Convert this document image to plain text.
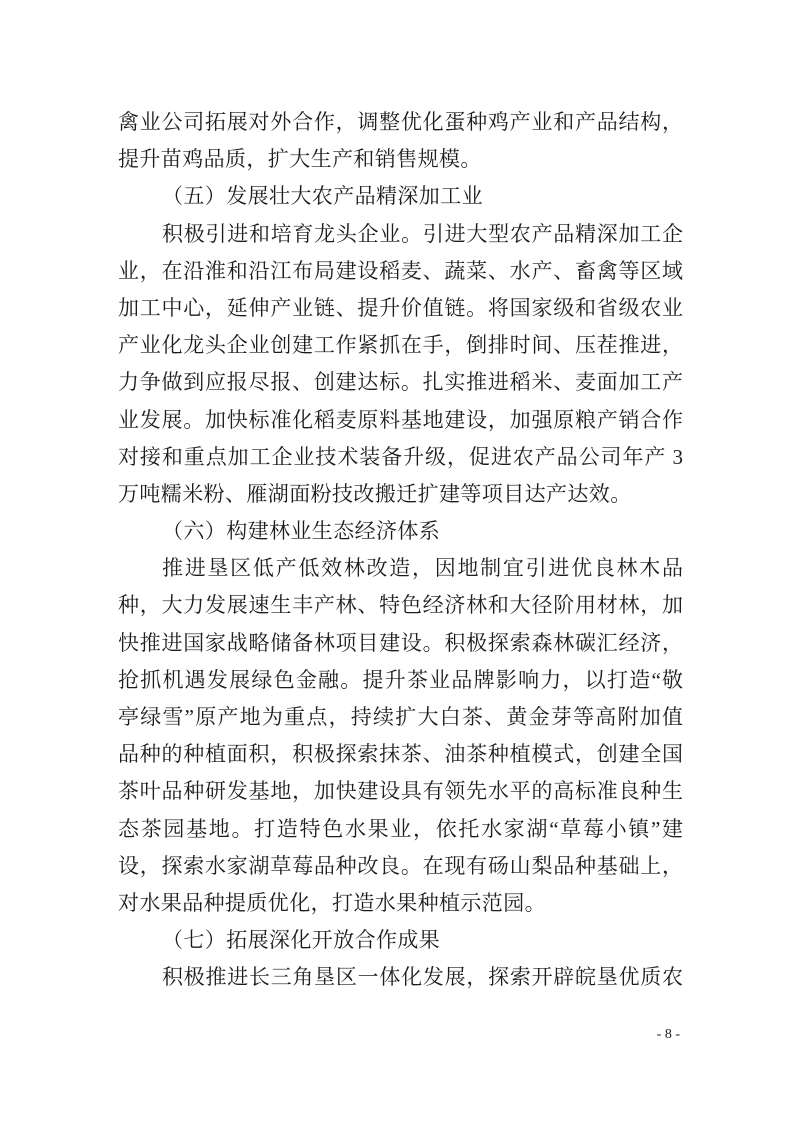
禽业公司拓展对外合作，调整优化蛋种鸡产业和产品结构，
提升苗鸡品质，扩大生产和销售规模。
（五）发展壮大农产品精深加工业
积极引进和培育龙头企业。引进大型农产品精深加工企
业，在沿淮和沿江布局建设稻麦、蔬菜、水产、畜禽等区域
加工中心，延伸产业链、提升价值链。将国家级和省级农业
产业化龙头企业创建工作紧抓在手，倒排时间、压茬推进，
力争做到应报尽报、创建达标。扎实推进稻米、麦面加工产
业发展。加快标准化稻麦原料基地建设，加强原粮产销合作
对接和重点加工企业技术装备升级，促进农产品公司年产 3
万吨糯米粉、雁湖面粉技改搬迁扩建等项目达产达效。
（六）构建林业生态经济体系
推进垦区低产低效林改造，因地制宜引进优良林木品
种，大力发展速生丰产林、特色经济林和大径阶用材林，加
快推进国家战略储备林项目建设。积极探索森林碳汇经济，
抢抓机遇发展绿色金融。提升茶业品牌影响力，以打造“敬
亭绿雪”原产地为重点，持续扩大白茶、黄金芽等高附加值
品种的种植面积，积极探索抹茶、油茶种植模式，创建全国
茶叶品种研发基地，加快建设具有领先水平的高标准良种生
态茶园基地。打造特色水果业，依托水家湖“草莓小镇”建
设，探索水家湖草莓品种改良。在现有砀山梨品种基础上，
对水果品种提质优化，打造水果种植示范园。
（七）拓展深化开放合作成果
积极推进长三角垦区一体化发展，探索开辟皖垦优质农
- 8 -
